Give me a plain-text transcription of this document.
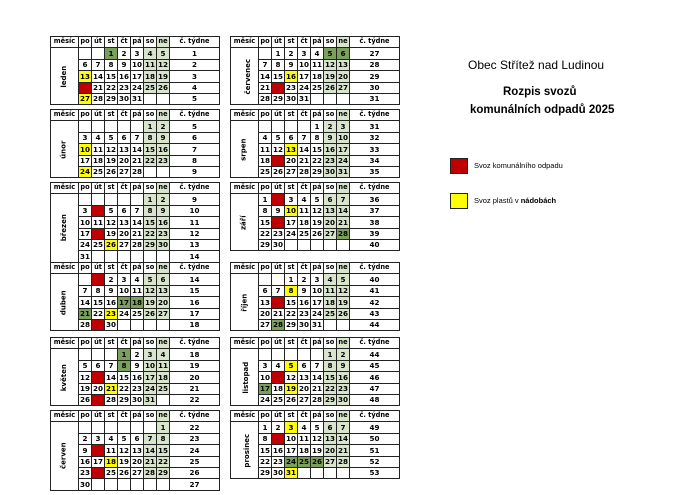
Obec Střítež nad Ludinou
Rozpis svozů
komunálních odpadů 2025
Svoz komunálního odpadu
Svoz plastů v nádobách
měsíc	po	út	st	čt	pá	so	ne	č. týdne
leden			1	2	3	4	5	1
	6	7	8	9	10	11	12	2
	13	14	15	16	17	18	19	3
	20	21	22	23	24	25	26	4
	27	28	29	30	31			5
měsíc	po	út	st	čt	pá	so	ne	č. týdne
únor						1	2	5
	3	4	5	6	7	8	9	6
	10	11	12	13	14	15	16	7
	17	18	19	20	21	22	23	8
	24	25	26	27	28			9
měsíc	po	út	st	čt	pá	so	ne	č. týdne
březen						1	2	9
	3	4	5	6	7	8	9	10
	10	11	12	13	14	15	16	11
	17	18	19	20	21	22	23	12
	24	25	26	27	28	29	30	13
	31							14
měsíc	po	út	st	čt	pá	so	ne	č. týdne
duben		1	2	3	4	5	6	14
	7	8	9	10	11	12	13	15
	14	15	16	17	18	19	20	16
	21	22	23	24	25	26	27	17
	28	29	30					18
měsíc	po	út	st	čt	pá	so	ne	č. týdne
květen				1	2	3	4	18
	5	6	7	8	9	10	11	19
	12	13	14	15	16	17	18	20
	19	20	21	22	23	24	25	21
	26	27	28	29	30	31		22
měsíc	po	út	st	čt	pá	so	ne	č. týdne
červen							1	22
	2	3	4	5	6	7	8	23
	9	10	11	12	13	14	15	24
	16	17	18	19	20	21	22	25
	23	24	25	26	27	28	29	26
	30							27
měsíc	po	út	st	čt	pá	so	ne	č. týdne
červenec		1	2	3	4	5	6	27
	7	8	9	10	11	12	13	28
	14	15	16	17	18	19	20	29
	21	22	23	24	25	26	27	30
	28	29	30	31				31
měsíc	po	út	st	čt	pá	so	ne	č. týdne
srpen					1	2	3	31
	4	5	6	7	8	9	10	32
	11	12	13	14	15	16	17	33
	18	19	20	21	22	23	24	34
	25	26	27	28	29	30	31	35
měsíc	po	út	st	čt	pá	so	ne	č. týdne
září	1	2	3	4	5	6	7	36
	8	9	10	11	12	13	14	37
	15	16	17	18	19	20	21	38
	22	23	24	25	26	27	28	39
	29	30						40
měsíc	po	út	st	čt	pá	so	ne	č. týdne
říjen			1	2	3	4	5	40
	6	7	8	9	10	11	12	41
	13	14	15	16	17	18	19	42
	20	21	22	23	24	25	26	43
	27	28	29	30	31			44
měsíc	po	út	st	čt	pá	so	ne	č. týdne
listopad						1	2	44
	3	4	5	6	7	8	9	45
	10	11	12	13	14	15	16	46
	17	18	19	20	21	22	23	47
	24	25	26	27	28	29	30	48
měsíc	po	út	st	čt	pá	so	ne	č. týdne
prosinec	1	2	3	4	5	6	7	49
	8	9	10	11	12	13	14	50
	15	16	17	18	19	20	21	51
	22	23	24	25	26	27	28	52
	29	30	31					53
